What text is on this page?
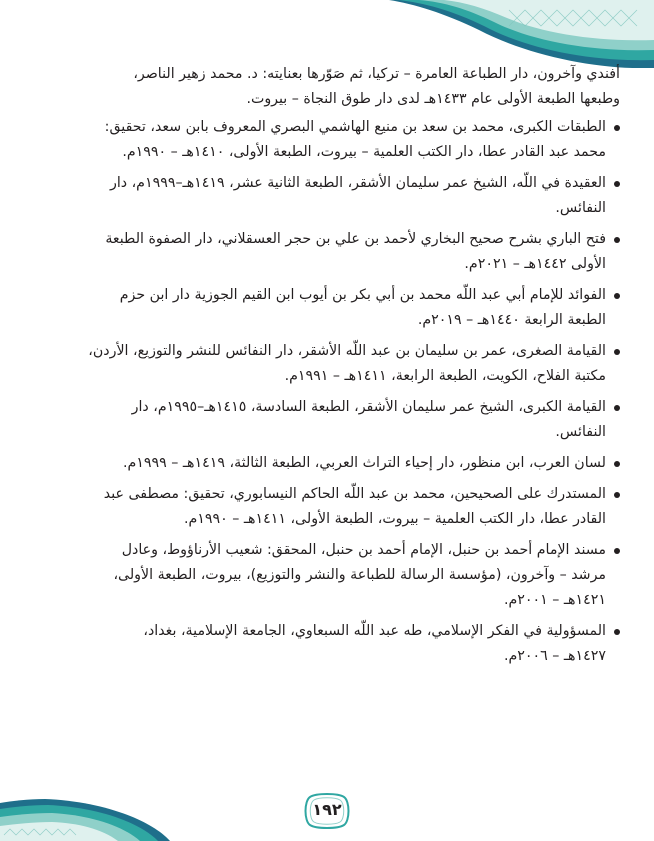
أفندي وآخرون، دار الطباعة العامرة – تركيا، ثم صَوّرها بعنايته: د. محمد زهير الناصر،
وطبعها الطبعة الأولى عام ١٤٣٣هـ لدى دار طوق النجاة – بيروت.
الطبقات الكبرى، محمد بن سعد بن منيع الهاشمي البصري المعروف بابن سعد، تحقيق:
محمد عبد القادر عطا، دار الكتب العلمية – بيروت، الطبعة الأولى، ١٤١٠هـ – ١٩٩٠م.
العقيدة في اللّه، الشيخ عمر سليمان الأشقر، الطبعة الثانية عشر، ١٤١٩هـ–١٩٩٩م، دار
النفائس.
فتح الباري بشرح صحيح البخاري لأحمد بن علي بن حجر العسقلاني، دار الصفوة الطبعة
الأولى ١٤٤٢هـ – ٢٠٢١م.
الفوائد للإمام أبي عبد اللّه محمد بن أبي بكر بن أيوب ابن القيم الجوزية دار ابن حزم
الطبعة الرابعة ١٤٤٠هـ – ٢٠١٩م.
القيامة الصغرى، عمر بن سليمان بن عبد اللّه الأشقر، دار النفائس للنشر والتوزيع، الأردن،
مكتبة الفلاح، الكويت، الطبعة الرابعة، ١٤١١هـ – ١٩٩١م.
القيامة الكبرى، الشيخ عمر سليمان الأشقر، الطبعة السادسة، ١٤١٥هـ–١٩٩٥م، دار
النفائس.
لسان العرب، ابن منظور، دار إحياء التراث العربي، الطبعة الثالثة، ١٤١٩هـ – ١٩٩٩م.
المستدرك على الصحيحين، محمد بن عبد اللّه الحاكم النيسابوري، تحقيق: مصطفى عبد
القادر عطا، دار الكتب العلمية – بيروت، الطبعة الأولى، ١٤١١هـ – ١٩٩٠م.
مسند الإمام أحمد بن حنبل، الإمام أحمد بن حنبل، المحقق: شعيب الأرناؤوط، وعادل
مرشد – وآخرون، (مؤسسة الرسالة للطباعة والنشر والتوزيع)، بيروت، الطبعة الأولى،
١٤٢١هـ – ٢٠٠١م.
المسؤولية في الفكر الإسلامي، طه عبد اللّه السبعاوي، الجامعة الإسلامية، بغداد،
١٤٢٧هـ – ٢٠٠٦م.
١٩٢
